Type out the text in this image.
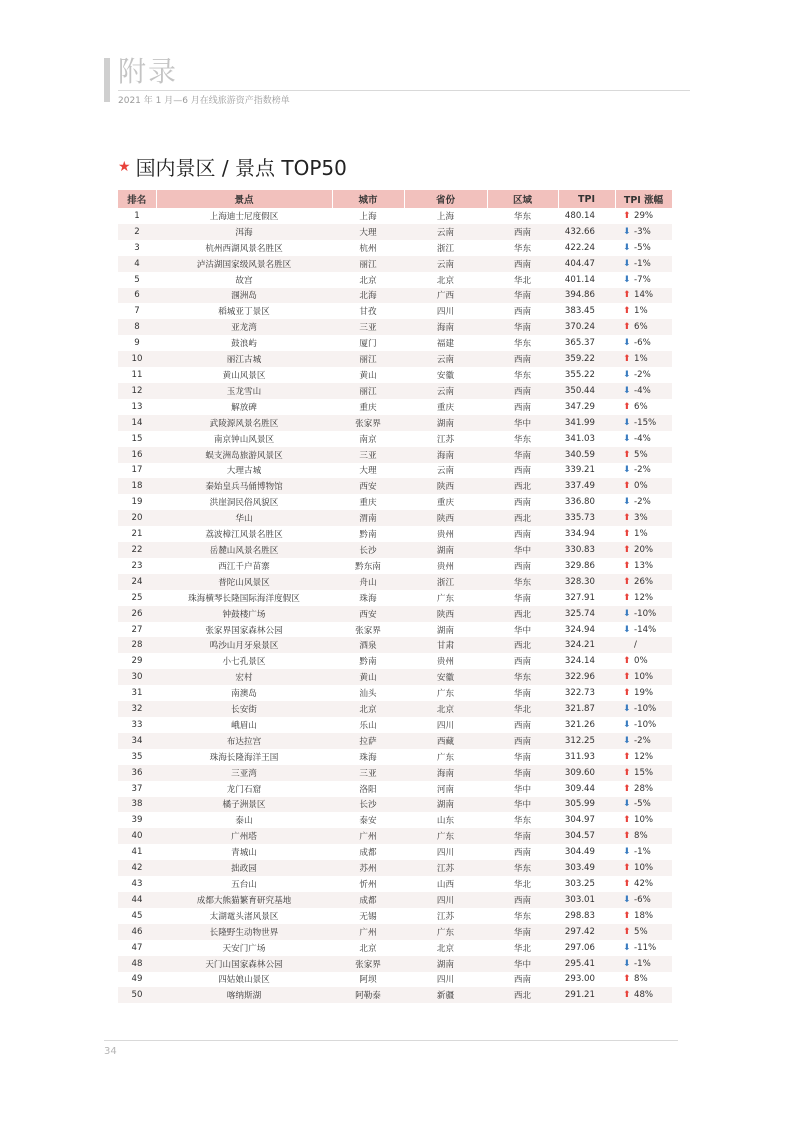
附录
2021 年 1 月—6 月在线旅游资产指数榜单
★ 国内景区 / 景点 TOP50
排名	景点	城市	省份	区域	TPI	TPI 涨幅
1	上海迪士尼度假区	上海	上海	华东	480.14	⬆ 29%
2	洱海	大理	云南	西南	432.66	⬇ -3%
3	杭州西湖风景名胜区	杭州	浙江	华东	422.24	⬇ -5%
4	泸沽湖国家级风景名胜区	丽江	云南	西南	404.47	⬇ -1%
5	故宫	北京	北京	华北	401.14	⬇ -7%
6	涠洲岛	北海	广西	华南	394.86	⬆ 14%
7	稻城亚丁景区	甘孜	四川	西南	383.45	⬆ 1%
8	亚龙湾	三亚	海南	华南	370.24	⬆ 6%
9	鼓浪屿	厦门	福建	华东	365.37	⬇ -6%
10	丽江古城	丽江	云南	西南	359.22	⬆ 1%
11	黄山风景区	黄山	安徽	华东	355.22	⬇ -2%
12	玉龙雪山	丽江	云南	西南	350.44	⬇ -4%
13	解放碑	重庆	重庆	西南	347.29	⬆ 6%
14	武陵源风景名胜区	张家界	湖南	华中	341.99	⬇ -15%
15	南京钟山风景区	南京	江苏	华东	341.03	⬇ -4%
16	蜈支洲岛旅游风景区	三亚	海南	华南	340.59	⬆ 5%
17	大理古城	大理	云南	西南	339.21	⬇ -2%
18	秦始皇兵马俑博物馆	西安	陕西	西北	337.49	⬆ 0%
19	洪崖洞民俗风貌区	重庆	重庆	西南	336.80	⬇ -2%
20	华山	渭南	陕西	西北	335.73	⬆ 3%
21	荔波樟江风景名胜区	黔南	贵州	西南	334.94	⬆ 1%
22	岳麓山风景名胜区	长沙	湖南	华中	330.83	⬆ 20%
23	西江千户苗寨	黔东南	贵州	西南	329.86	⬆ 13%
24	普陀山风景区	舟山	浙江	华东	328.30	⬆ 26%
25	珠海横琴长隆国际海洋度假区	珠海	广东	华南	327.91	⬆ 12%
26	钟鼓楼广场	西安	陕西	西北	325.74	⬇ -10%
27	张家界国家森林公园	张家界	湖南	华中	324.94	⬇ -14%
28	鸣沙山月牙泉景区	酒泉	甘肃	西北	324.21	/
29	小七孔景区	黔南	贵州	西南	324.14	⬆ 0%
30	宏村	黄山	安徽	华东	322.96	⬆ 10%
31	南澳岛	汕头	广东	华南	322.73	⬆ 19%
32	长安街	北京	北京	华北	321.87	⬇ -10%
33	峨眉山	乐山	四川	西南	321.26	⬇ -10%
34	布达拉宫	拉萨	西藏	西南	312.25	⬇ -2%
35	珠海长隆海洋王国	珠海	广东	华南	311.93	⬆ 12%
36	三亚湾	三亚	海南	华南	309.60	⬆ 15%
37	龙门石窟	洛阳	河南	华中	309.44	⬆ 28%
38	橘子洲景区	长沙	湖南	华中	305.99	⬇ -5%
39	泰山	泰安	山东	华东	304.97	⬆ 10%
40	广州塔	广州	广东	华南	304.57	⬆ 8%
41	青城山	成都	四川	西南	304.49	⬇ -1%
42	拙政园	苏州	江苏	华东	303.49	⬆ 10%
43	五台山	忻州	山西	华北	303.25	⬆ 42%
44	成都大熊猫繁育研究基地	成都	四川	西南	303.01	⬇ -6%
45	太湖鼋头渚风景区	无锡	江苏	华东	298.83	⬆ 18%
46	长隆野生动物世界	广州	广东	华南	297.42	⬆ 5%
47	天安门广场	北京	北京	华北	297.06	⬇ -11%
48	天门山国家森林公园	张家界	湖南	华中	295.41	⬇ -1%
49	四姑娘山景区	阿坝	四川	西南	293.00	⬆ 8%
50	喀纳斯湖	阿勒泰	新疆	西北	291.21	⬆ 48%
34
